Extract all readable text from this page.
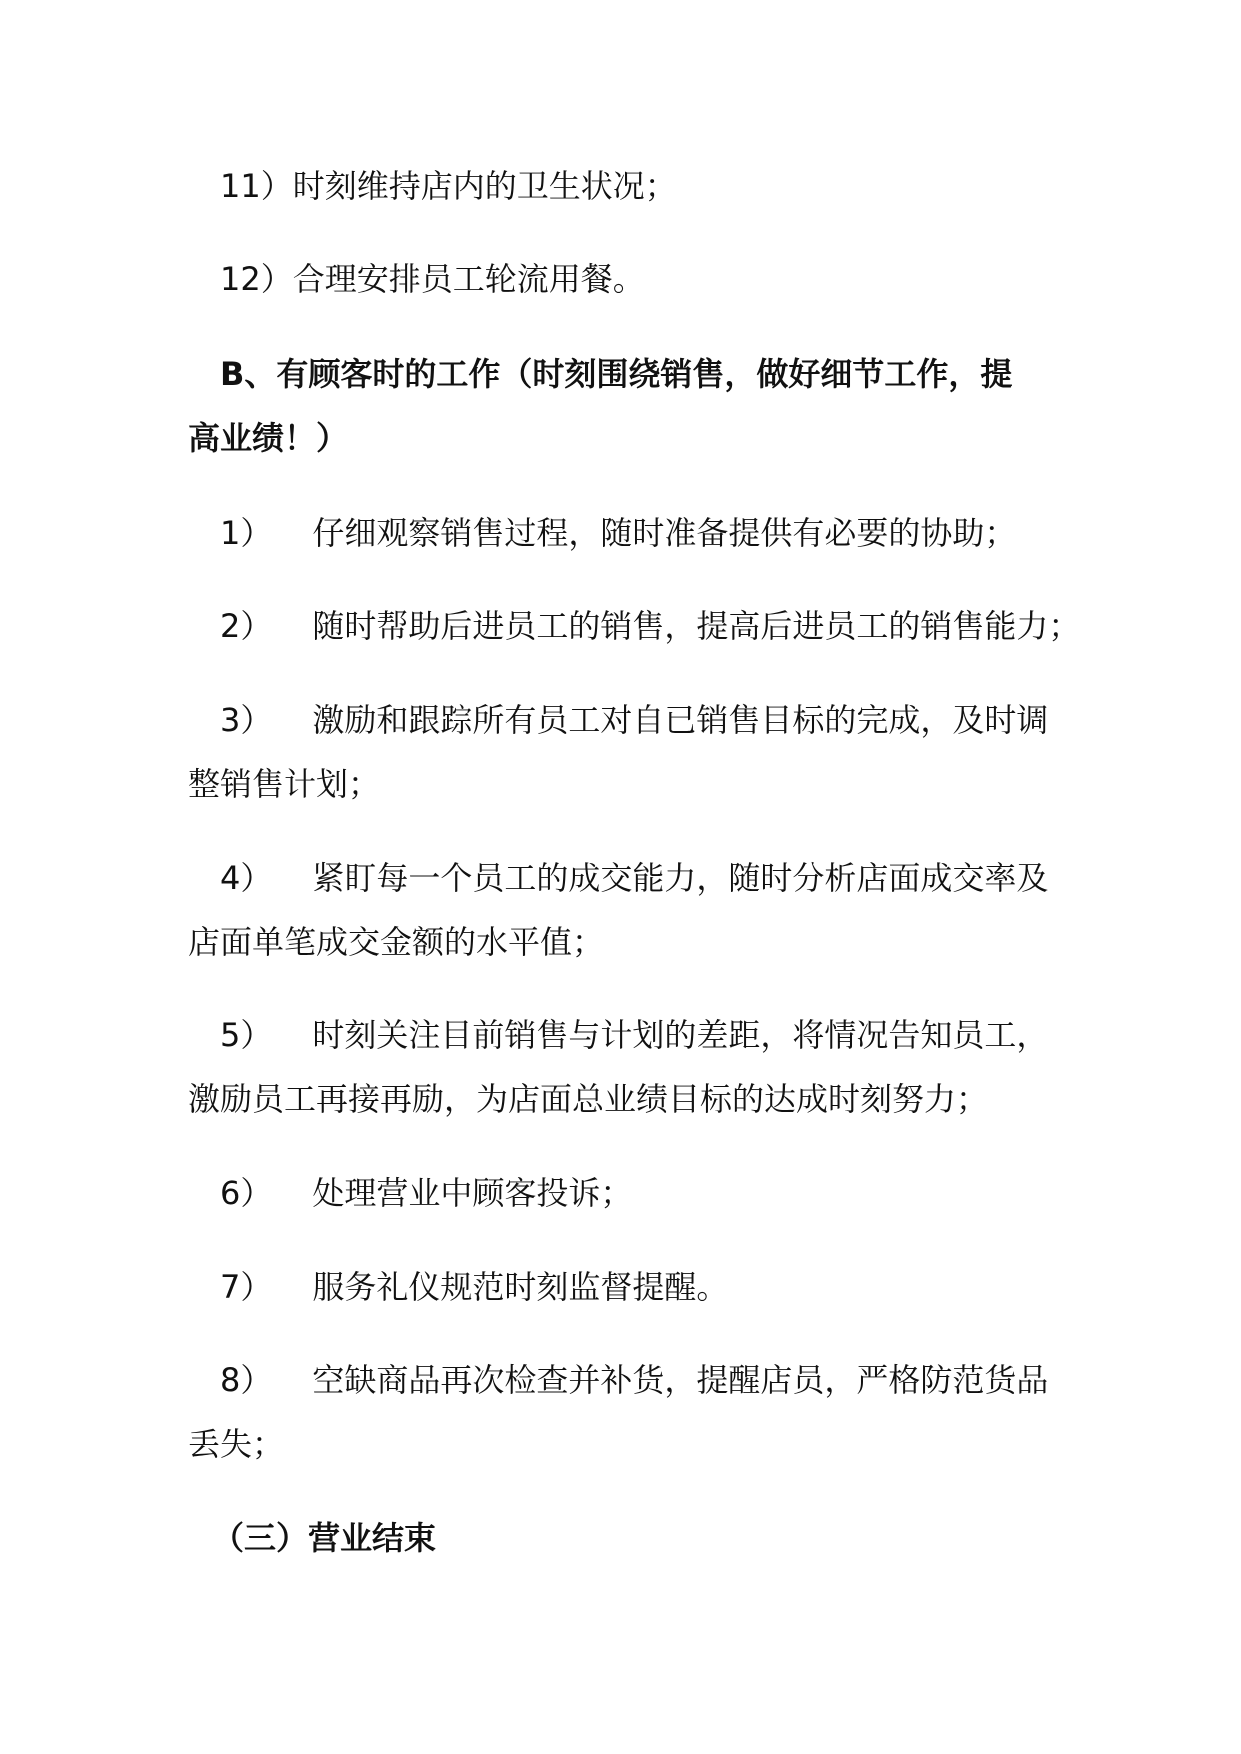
11）时刻维持店内的卫生状况；

12）合理安排员工轮流用餐。

B、有顾客时的工作（时刻围绕销售，做好细节工作，提

高业绩！）

1） 仔细观察销售过程，随时准备提供有必要的协助；

2） 随时帮助后进员工的销售，提高后进员工的销售能力；

3） 激励和跟踪所有员工对自已销售目标的完成，及时调

整销售计划；

4） 紧盯每一个员工的成交能力，随时分析店面成交率及

店面单笔成交金额的水平值；

5） 时刻关注目前销售与计划的差距，将情况告知员工，

激励员工再接再励，为店面总业绩目标的达成时刻努力；

6） 处理营业中顾客投诉；

7） 服务礼仪规范时刻监督提醒。

8） 空缺商品再次检查并补货，提醒店员，严格防范货品

丢失；

（三）营业结束
